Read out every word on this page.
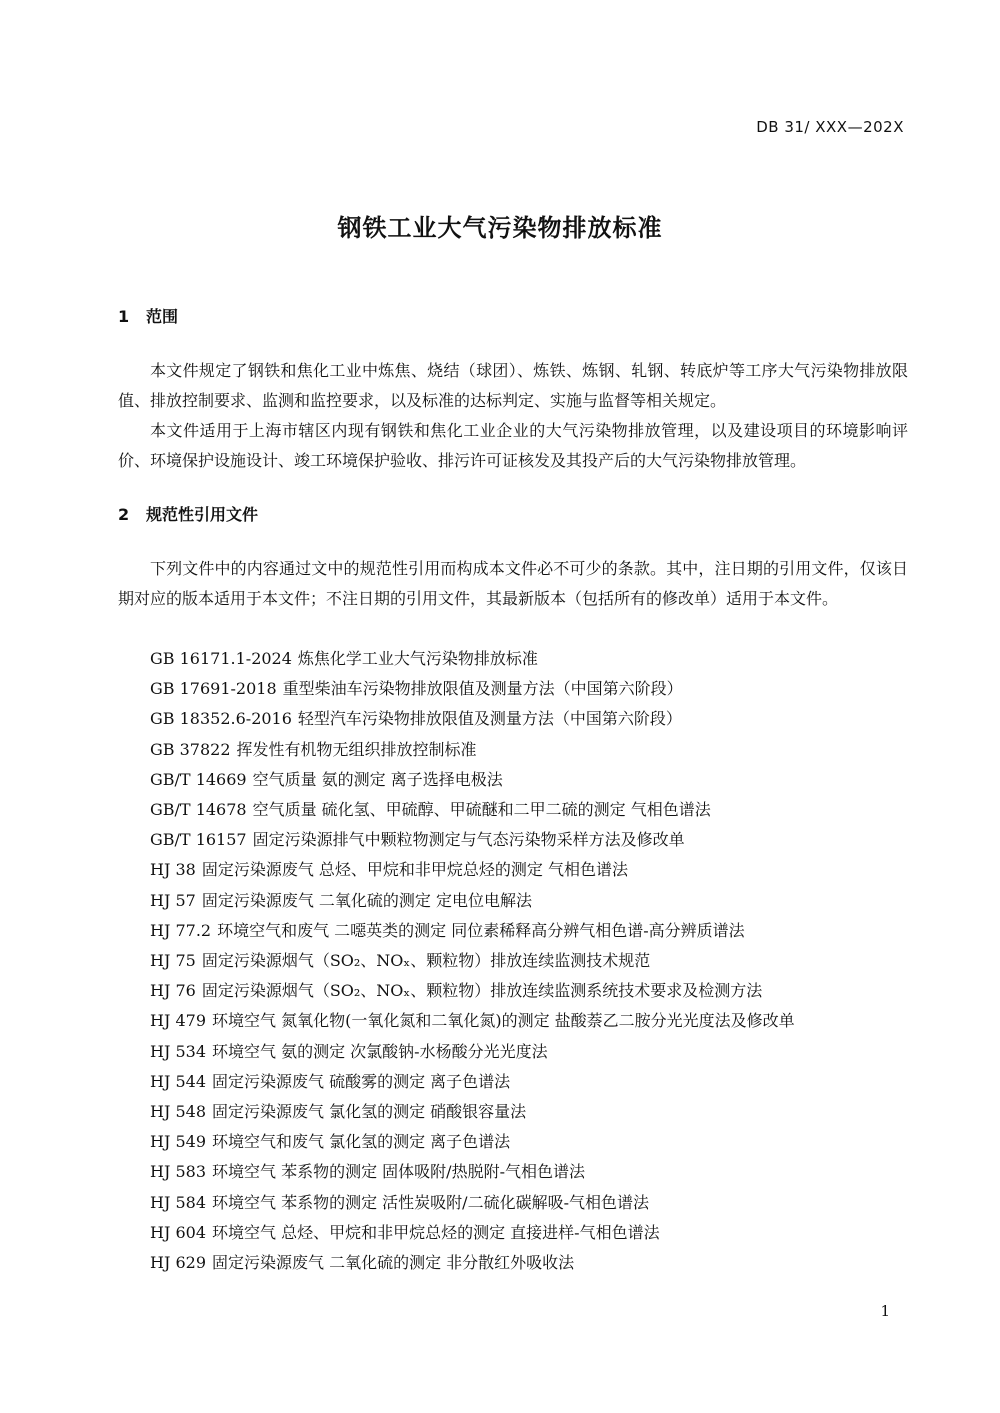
DB 31/ XXX—202X
钢铁工业大气污染物排放标准
1 范围
本文件规定了钢铁和焦化工业中炼焦、烧结（球团）、炼铁、炼钢、轧钢、转底炉等工序大气污染物排放限值、排放控制要求、监测和监控要求，以及标准的达标判定、实施与监督等相关规定。
本文件适用于上海市辖区内现有钢铁和焦化工业企业的大气污染物排放管理，以及建设项目的环境影响评价、环境保护设施设计、竣工环境保护验收、排污许可证核发及其投产后的大气污染物排放管理。
2 规范性引用文件
下列文件中的内容通过文中的规范性引用而构成本文件必不可少的条款。其中，注日期的引用文件，仅该日期对应的版本适用于本文件；不注日期的引用文件，其最新版本（包括所有的修改单）适用于本文件。
GB 16171.1-2024 炼焦化学工业大气污染物排放标准
GB 17691-2018 重型柴油车污染物排放限值及测量方法（中国第六阶段）
GB 18352.6-2016 轻型汽车污染物排放限值及测量方法（中国第六阶段）
GB 37822 挥发性有机物无组织排放控制标准
GB/T 14669 空气质量 氨的测定 离子选择电极法
GB/T 14678 空气质量 硫化氢、甲硫醇、甲硫醚和二甲二硫的测定 气相色谱法
GB/T 16157 固定污染源排气中颗粒物测定与气态污染物采样方法及修改单
HJ 38 固定污染源废气 总烃、甲烷和非甲烷总烃的测定 气相色谱法
HJ 57 固定污染源废气 二氧化硫的测定 定电位电解法
HJ 77.2 环境空气和废气 二噁英类的测定 同位素稀释高分辨气相色谱-高分辨质谱法
HJ 75 固定污染源烟气（SO₂、NOₓ、颗粒物）排放连续监测技术规范
HJ 76 固定污染源烟气（SO₂、NOₓ、颗粒物）排放连续监测系统技术要求及检测方法
HJ 479 环境空气 氮氧化物(一氧化氮和二氧化氮)的测定 盐酸萘乙二胺分光光度法及修改单
HJ 534 环境空气 氨的测定 次氯酸钠-水杨酸分光光度法
HJ 544 固定污染源废气 硫酸雾的测定 离子色谱法
HJ 548 固定污染源废气 氯化氢的测定 硝酸银容量法
HJ 549 环境空气和废气 氯化氢的测定 离子色谱法
HJ 583 环境空气 苯系物的测定 固体吸附/热脱附-气相色谱法
HJ 584 环境空气 苯系物的测定 活性炭吸附/二硫化碳解吸-气相色谱法
HJ 604 环境空气 总烃、甲烷和非甲烷总烃的测定 直接进样-气相色谱法
HJ 629 固定污染源废气 二氧化硫的测定 非分散红外吸收法
1
